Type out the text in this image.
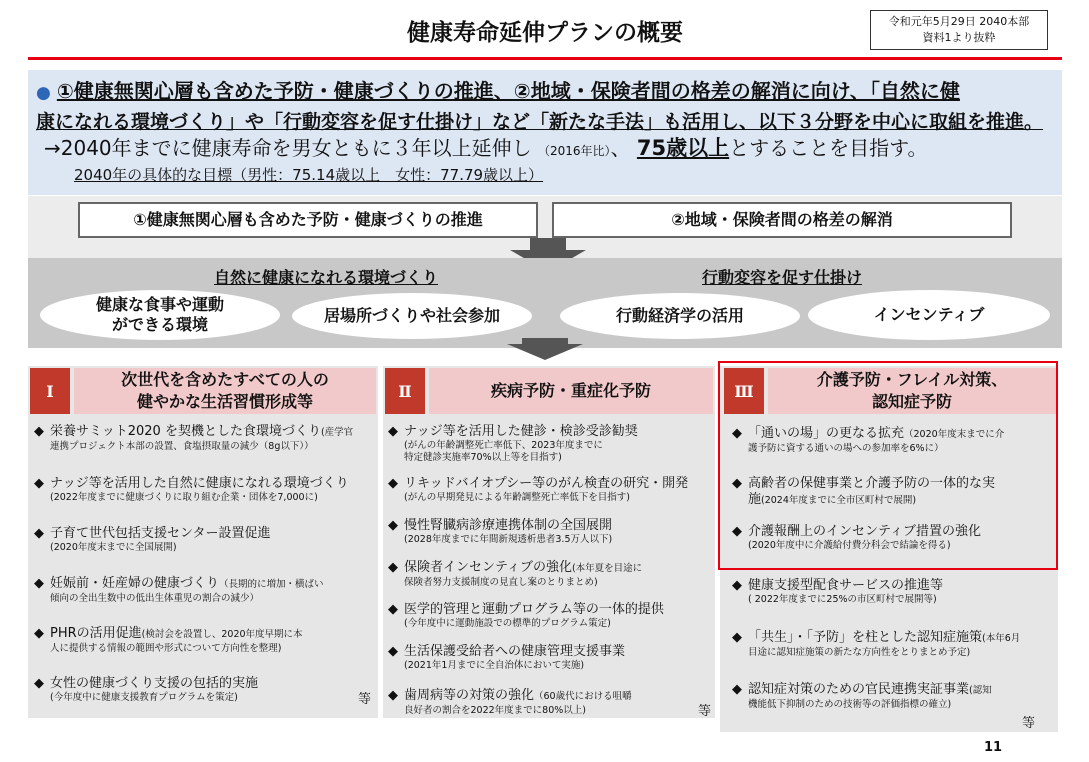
健康寿命延伸プランの概要	令和元年5月29日 2040本部
資料1より抜粋
● ①健康無関心層も含めた予防・健康づくりの推進、②地域・保険者間の格差の解消に向け、「自然に健
康になれる環境づくり」や「行動変容を促す仕掛け」など「新たな手法」も活用し、以下３分野を中心に取組を推進。
→2040年までに健康寿命を男女ともに３年以上延伸し （2016年比）、 75歳以上とすることを目指す。
2040年の具体的な目標（男性：75.14歳以上　女性：77.79歳以上）
①健康無関心層も含めた予防・健康づくりの推進	②地域・保険者間の格差の解消
自然に健康になれる環境づくり	行動変容を促す仕掛け
健康な食事や運動
ができる環境	居場所づくりや社会参加	行動経済学の活用	インセンティブ
Ⅰ
次世代を含めたすべての人の
健やかな生活習慣形成等
Ⅱ	疾病予防・重症化予防	Ⅲ
介護予防・フレイル対策、
認知症予防
◆ 栄養サミット2020 を契機とした食環境づくり(産学官
連携プロジェクト本部の設置、食塩摂取量の減少（8g以下））
◆ ナッジ等を活用した自然に健康になれる環境づくり
(2022年度までに健康づくりに取り組む企業・団体を7,000に)
◆ 子育て世代包括支援センター設置促進
(2020年度末までに全国展開)
◆ 妊娠前・妊産婦の健康づくり（長期的に増加・横ばい
傾向の全出生数中の低出生体重児の割合の減少）
◆ PHRの活用促進(検討会を設置し、2020年度早期に本
人に提供する情報の範囲や形式について方向性を整理)
◆ 女性の健康づくり支援の包括的実施
(今年度中に健康支援教育プログラムを策定)	等
◆ ナッジ等を活用した健診・検診受診勧奨
(がんの年齢調整死亡率低下、2023年度までに
特定健診実施率70%以上等を目指す)
◆ リキッドバイオプシー等のがん検査の研究・開発
(がんの早期発見による年齢調整死亡率低下を目指す)
◆ 慢性腎臓病診療連携体制の全国展開
(2028年度までに年間新規透析患者3.5万人以下)
◆ 保険者インセンティブの強化(本年夏を目途に
保険者努力支援制度の見直し案のとりまとめ)
◆ 医学的管理と運動プログラム等の一体的提供
(今年度中に運動施設での標準的プログラム策定)
◆ 生活保護受給者への健康管理支援事業
(2021年1月までに全自治体において実施)
◆ 歯周病等の対策の強化（60歳代における咀嚼
良好者の割合を2022年度までに80%以上)	等
◆ 「通いの場」の更なる拡充（2020年度末までに介
護予防に資する通いの場への参加率を6%に）
◆ 高齢者の保健事業と介護予防の一体的な実
施(2024年度までに全市区町村で展開)
◆ 介護報酬上のインセンティブ措置の強化
(2020年度中に介護給付費分科会で結論を得る)
◆ 健康支援型配食サービスの推進等
( 2022年度までに25%の市区町村で展開等)
◆ 「共生」・「予防」を柱とした認知症施策(本年6月
目途に認知症施策の新たな方向性をとりまとめ予定)
◆ 認知症対策のための官民連携実証事業(認知
機能低下抑制のための技術等の評価指標の確立)
等
11
